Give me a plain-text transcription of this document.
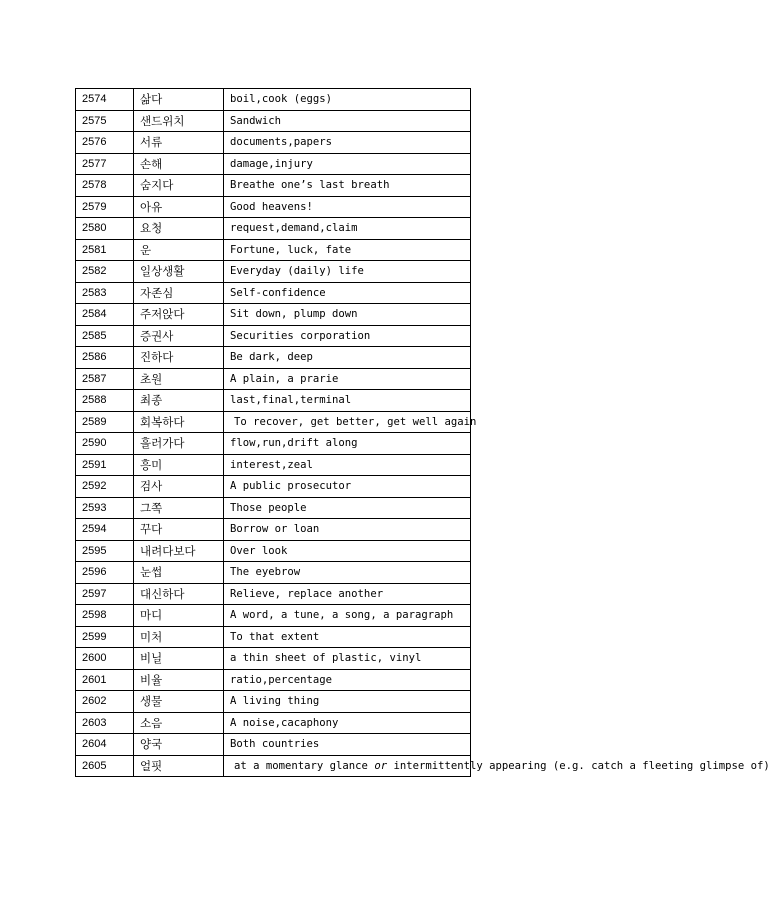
2574	삶다	boil,cook (eggs)
2575	샌드위치	Sandwich
2576	서류	documents,papers
2577	손해	damage,injury
2578	숨지다	Breathe one’s last breath
2579	아유	Good heavens!
2580	요청	request,demand,claim
2581	운	Fortune, luck, fate
2582	일상생활	Everyday (daily) life
2583	자존심	Self-confidence
2584	주저앉다	Sit down, plump down
2585	증권사	Securities corporation
2586	진하다	Be dark, deep
2587	초원	A plain, a prarie
2588	최종	last,final,terminal
2589	회복하다	To recover, get better, get well again
2590	흘러가다	flow,run,drift along
2591	흥미	interest,zeal
2592	검사	A public prosecutor
2593	그쪽	Those people
2594	꾸다	Borrow or loan
2595	내려다보다	Over look
2596	눈썹	The eyebrow
2597	대신하다	Relieve, replace another
2598	마디	A word, a tune, a song, a paragraph
2599	미처	To that extent
2600	비닐	a thin sheet of plastic, vinyl
2601	비율	ratio,percentage
2602	생물	A living thing
2603	소음	A noise,cacaphony
2604	양국	Both countries
2605	얼핏	at a momentary glance or intermittently appearing (e.g. catch a fleeting glimpse of)
